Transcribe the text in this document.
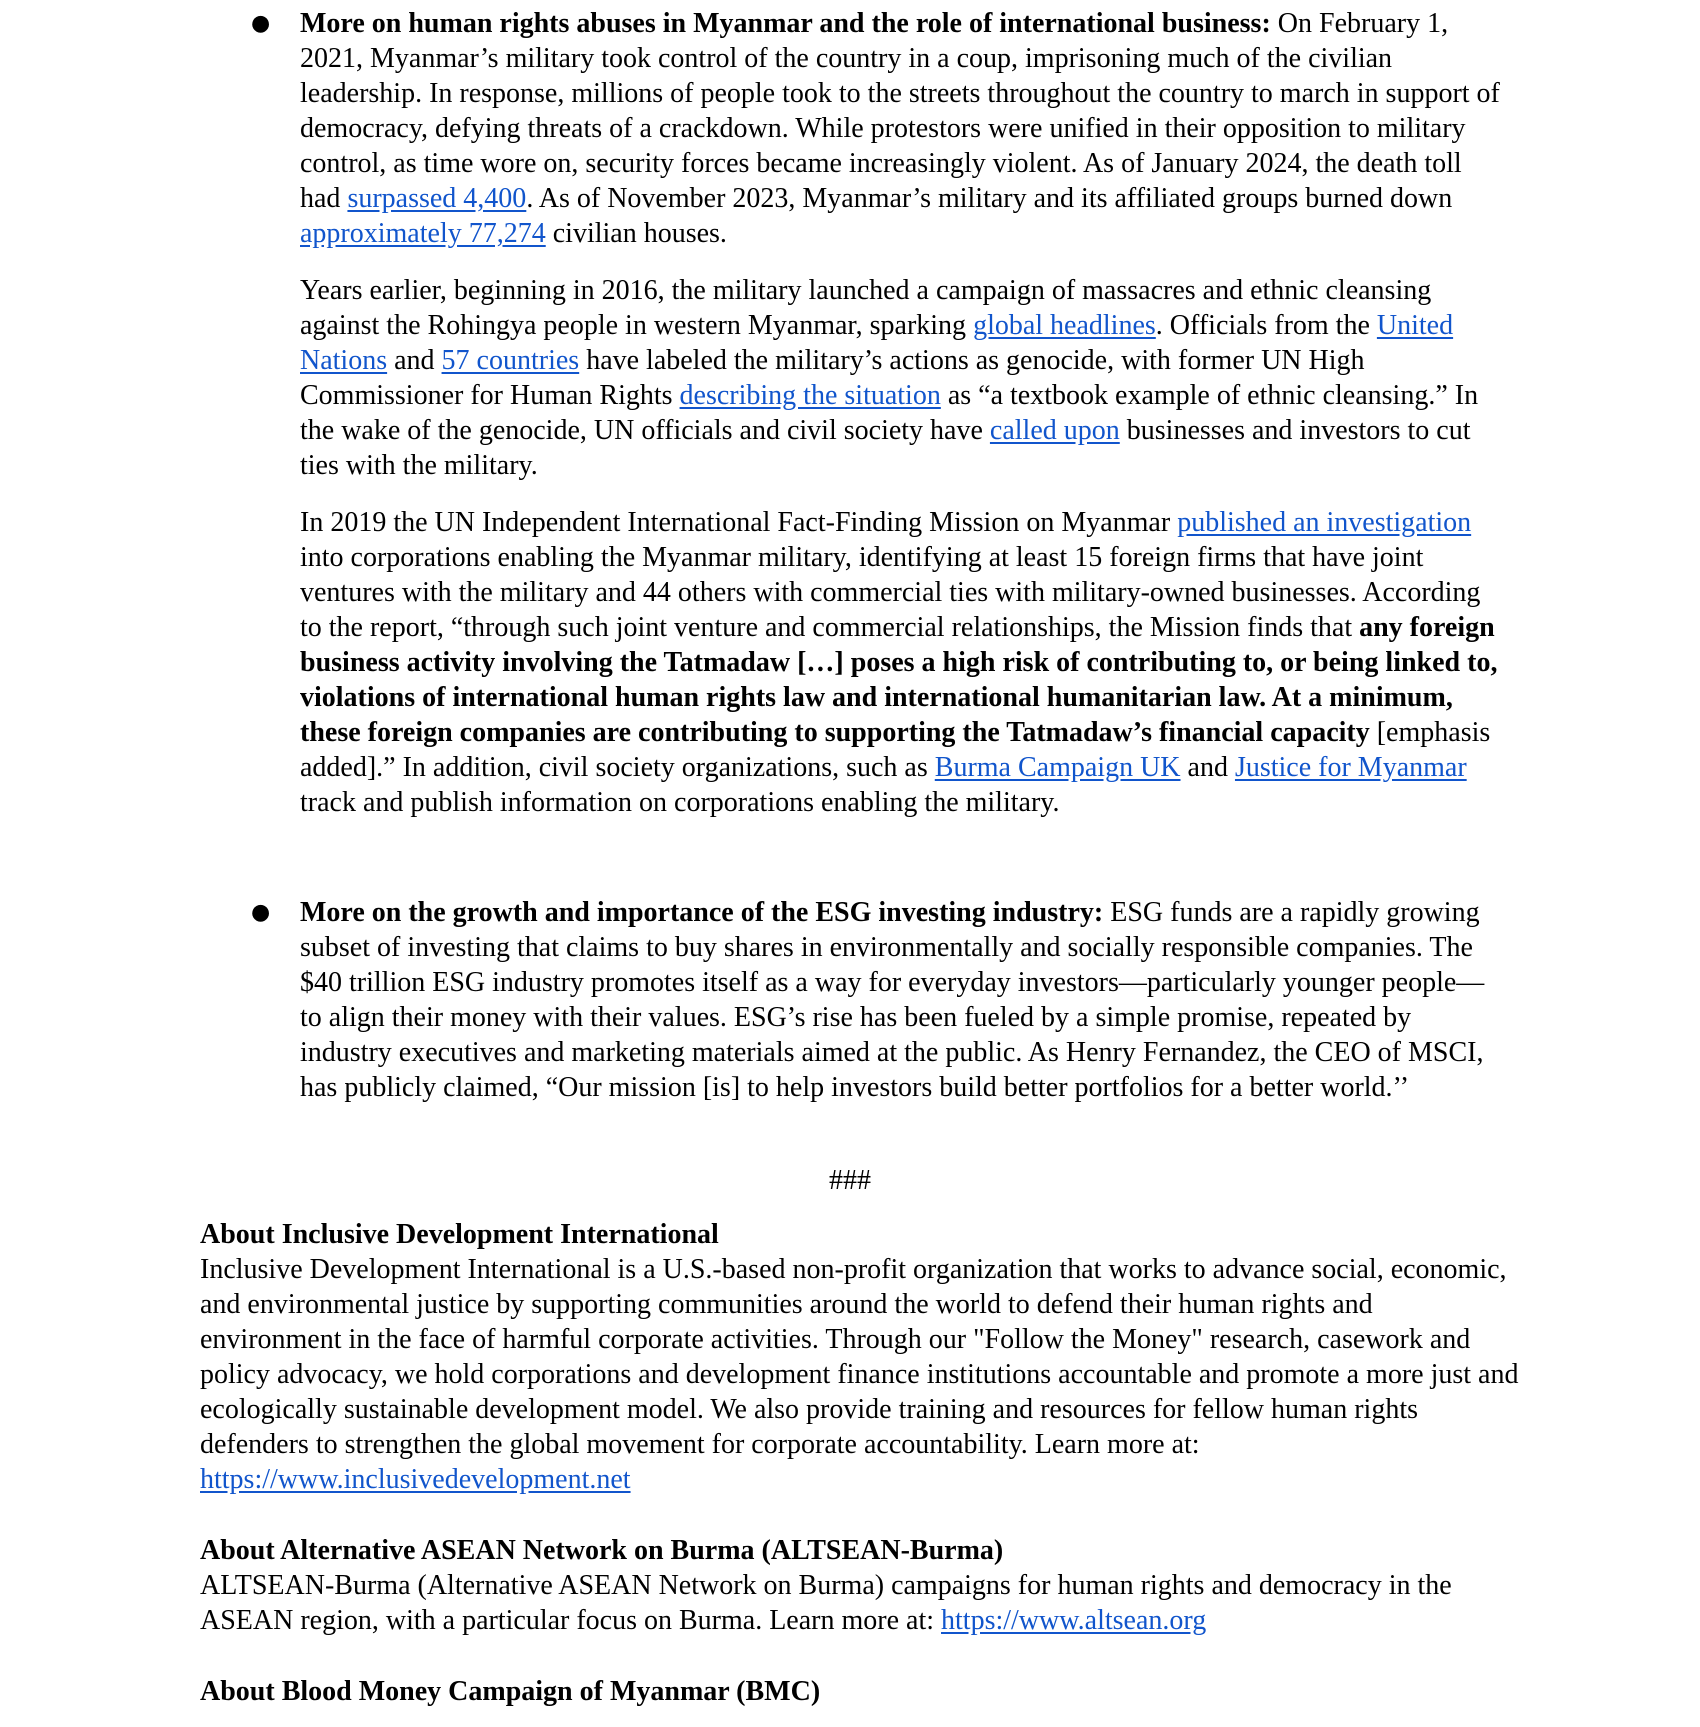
● More on human rights abuses in Myanmar and the role of international business: On February 1, 2021, Myanmar’s military took control of the country in a coup, imprisoning much of the civilian leadership. In response, millions of people took to the streets throughout the country to march in support of democracy, defying threats of a crackdown. While protestors were unified in their opposition to military control, as time wore on, security forces became increasingly violent. As of January 2024, the death toll had surpassed 4,400. As of November 2023, Myanmar’s military and its affiliated groups burned down approximately 77,274 civilian houses.

Years earlier, beginning in 2016, the military launched a campaign of massacres and ethnic cleansing against the Rohingya people in western Myanmar, sparking global headlines. Officials from the United Nations and 57 countries have labeled the military’s actions as genocide, with former UN High Commissioner for Human Rights describing the situation as “a textbook example of ethnic cleansing.” In the wake of the genocide, UN officials and civil society have called upon businesses and investors to cut ties with the military.

In 2019 the UN Independent International Fact-Finding Mission on Myanmar published an investigation into corporations enabling the Myanmar military, identifying at least 15 foreign firms that have joint ventures with the military and 44 others with commercial ties with military-owned businesses. According to the report, “through such joint venture and commercial relationships, the Mission finds that any foreign business activity involving the Tatmadaw […] poses a high risk of contributing to, or being linked to, violations of international human rights law and international humanitarian law. At a minimum, these foreign companies are contributing to supporting the Tatmadaw’s financial capacity [emphasis added].” In addition, civil society organizations, such as Burma Campaign UK and Justice for Myanmar track and publish information on corporations enabling the military.

● More on the growth and importance of the ESG investing industry: ESG funds are a rapidly growing subset of investing that claims to buy shares in environmentally and socially responsible companies. The $40 trillion ESG industry promotes itself as a way for everyday investors—particularly younger people—to align their money with their values. ESG’s rise has been fueled by a simple promise, repeated by industry executives and marketing materials aimed at the public. As Henry Fernandez, the CEO of MSCI, has publicly claimed, “Our mission [is] to help investors build better portfolios for a better world.’’

###
About Inclusive Development International

Inclusive Development International is a U.S.-based non-profit organization that works to advance social, economic, and environmental justice by supporting communities around the world to defend their human rights and environment in the face of harmful corporate activities. Through our "Follow the Money" research, casework and policy advocacy, we hold corporations and development finance institutions accountable and promote a more just and ecologically sustainable development model. We also provide training and resources for fellow human rights defenders to strengthen the global movement for corporate accountability. Learn more at: https://www.inclusivedevelopment.net

About Alternative ASEAN Network on Burma (ALTSEAN-Burma)

ALTSEAN-Burma (Alternative ASEAN Network on Burma) campaigns for human rights and democracy in the ASEAN region, with a particular focus on Burma. Learn more at: https://www.altsean.org

About Blood Money Campaign of Myanmar (BMC)
